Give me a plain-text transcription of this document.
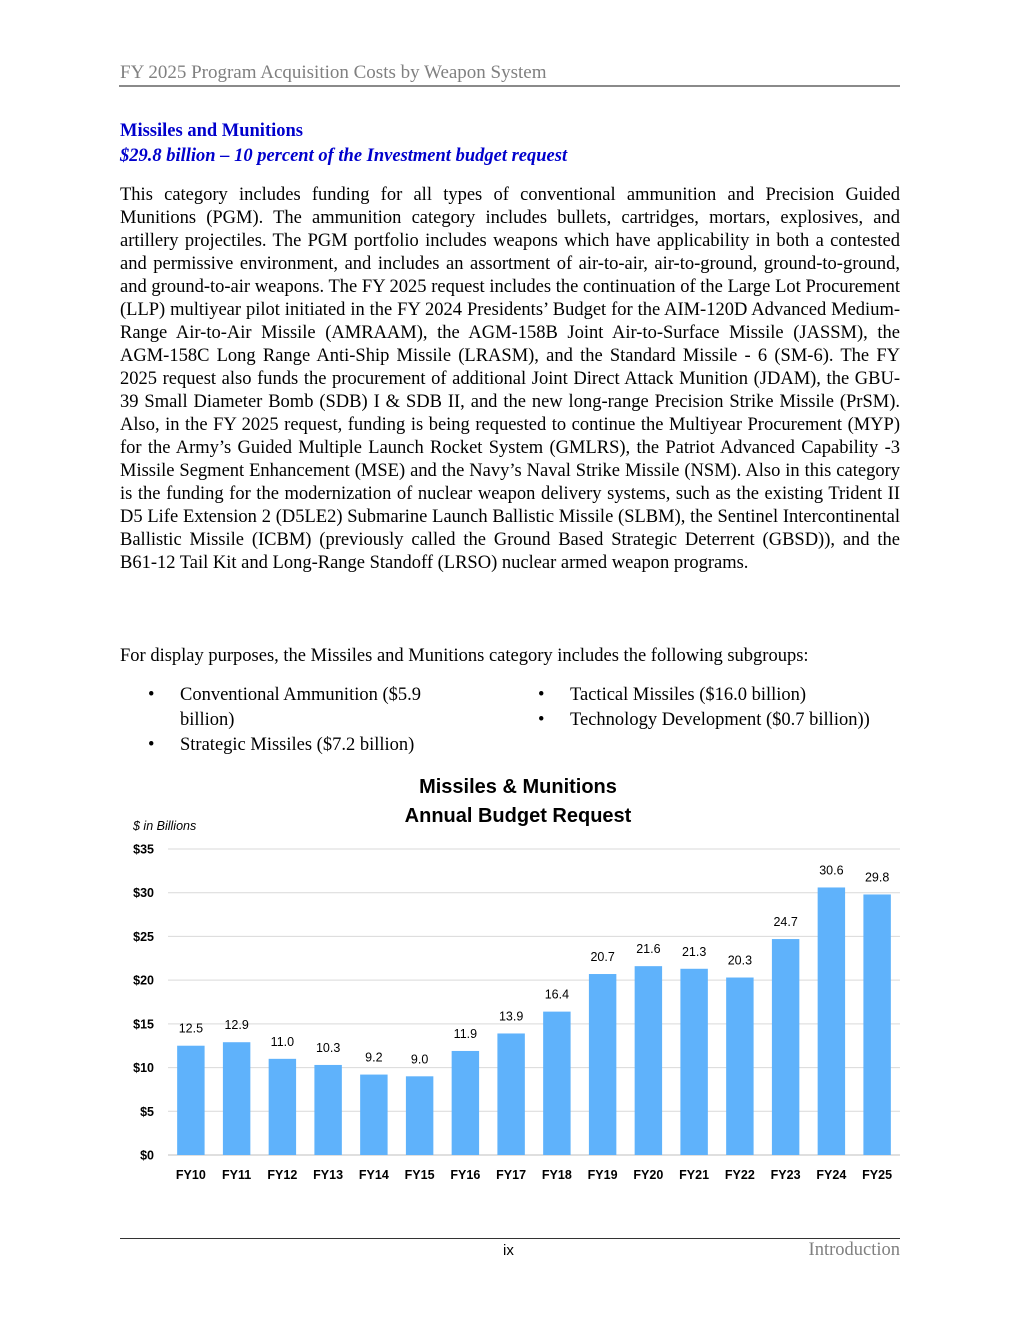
FY 2025 Program Acquisition Costs by Weapon System
Missiles and Munitions
$29.8 billion – 10 percent of the Investment budget request

This category includes funding for all types of conventional ammunition and Precision Guided Munitions (PGM). The ammunition category includes bullets, cartridges, mortars, explosives, and artillery projectiles. The PGM portfolio includes weapons which have applicability in both a contested and permissive environment, and includes an assortment of air-to-air, air-to-ground, ground-to-ground, and ground-to-air weapons. The FY 2025 request includes the continuation of the Large Lot Procurement (LLP) multiyear pilot initiated in the FY 2024 Presidents’ Budget for the AIM-120D Advanced Medium-Range Air-to-Air Missile (AMRAAM), the AGM-158B Joint Air-to-Surface Missile (JASSM), the AGM-158C Long Range Anti-Ship Missile (LRASM), and the Standard Missile - 6 (SM-6). The FY 2025 request also funds the procurement of additional Joint Direct Attack Munition (JDAM), the GBU-39 Small Diameter Bomb (SDB) I & SDB II, and the new long-range Precision Strike Missile (PrSM). Also, in the FY 2025 request, funding is being requested to continue the Multiyear Procurement (MYP) for the Army’s Guided Multiple Launch Rocket System (GMLRS), the Patriot Advanced Capability -3 Missile Segment Enhancement (MSE) and the Navy’s Naval Strike Missile (NSM). Also in this category is the funding for the modernization of nuclear weapon delivery systems, such as the existing Trident II D5 Life Extension 2 (D5LE2) Submarine Launch Ballistic Missile (SLBM), the Sentinel Intercontinental Ballistic Missile (ICBM) (previously called the Ground Based Strategic Deterrent (GBSD)), and the B61-12 Tail Kit and Long-Range Standoff (LRSO) nuclear armed weapon programs.

For display purposes, the Missiles and Munitions category includes the following subgroups:

• Conventional Ammunition ($5.9 billion)
• Strategic Missiles ($7.2 billion)
• Tactical Missiles ($16.0 billion)
• Technology Development ($0.7 billion))
Missiles & Munitions
Annual Budget Request
$ in Billions
$0
$5
$10
$15
$20
$25
$30
$35
12.5 12.9
11.0 10.3
9.2 9.0
11.9
13.9
16.4
20.7
21.6 21.3
20.3
24.7
30.6 29.8
FY10 FY11 FY12 FY13 FY14 FY15 FY16 FY17 FY18 FY19 FY20 FY21 FY22 FY23 FY24 FY25
ix	Introduction
